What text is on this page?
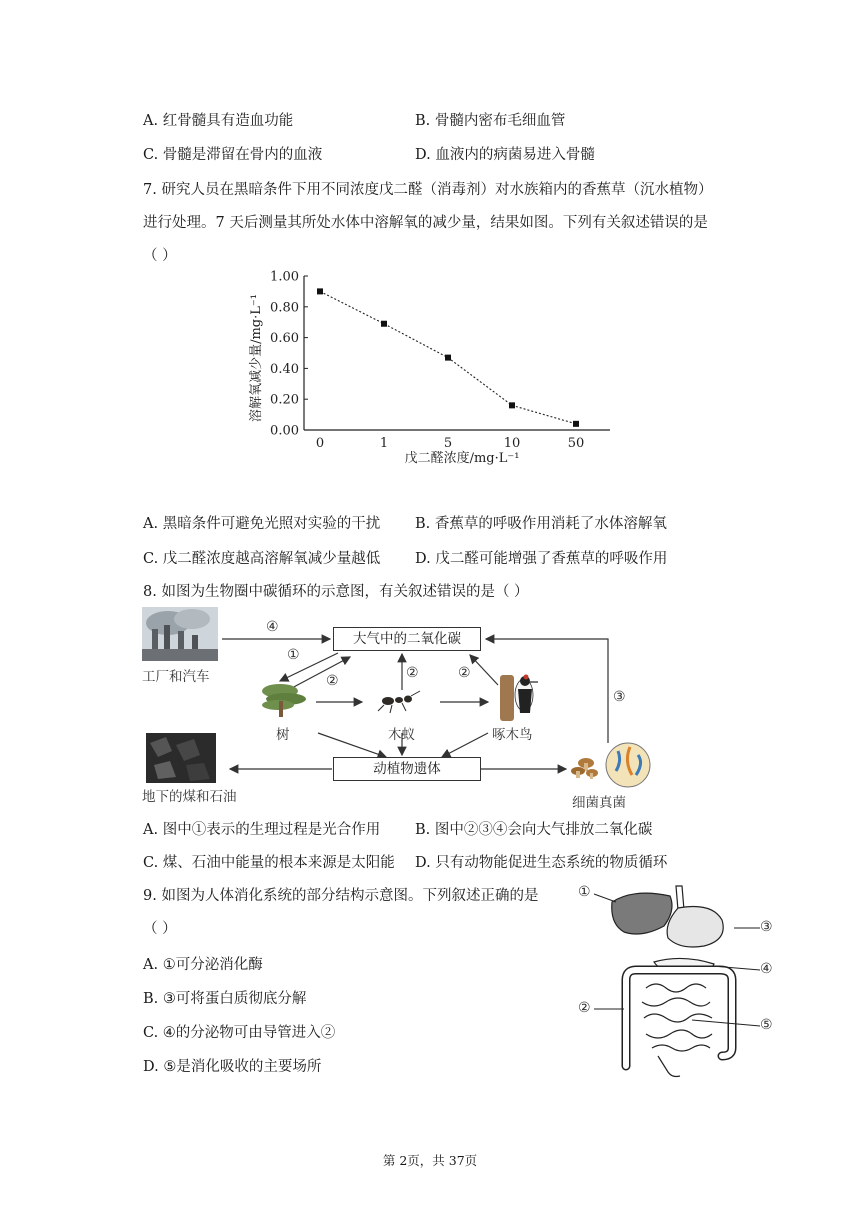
A. 红骨髓具有造血功能	B. 骨髓内密布毛细血管
C. 骨髓是滞留在骨内的血液	D. 血液内的病菌易进入骨髓
7. 研究人员在黑暗条件下用不同浓度戊二醛（消毒剂）对水族箱内的香蕉草（沉水植物）
进行处理。7 天后测量其所处水体中溶解氧的减少量，结果如图。下列有关叙述错误的是
（ ）
0.00
0.20
0.40
0.60
0.80
1.00
0	1	5	10	50
溶解氧减少量/mg·L⁻¹
戊二醛浓度/mg·L⁻¹
A. 黑暗条件可避免光照对实验的干扰 B. 香蕉草的呼吸作用消耗了水体溶解氧
C. 戊二醛浓度越高溶解氧减少量越低 D. 戊二醛可能增强了香蕉草的呼吸作用
8. 如图为生物圈中碳循环的示意图，有关叙述错误的是（ ）
大气中的二氧化碳
动植物遗体
工厂和汽车
地下的煤和石油
树	木蚁	啄木鸟
细菌真菌
④
①
②	②	②
③
A. 图中①表示的生理过程是光合作用 B. 图中②③④会向大气排放二氧化碳
C. 煤、石油中能量的根本来源是太阳能 D. 只有动物能促进生态系统的物质循环
9. 如图为人体消化系统的部分结构示意图。下列叙述正确的是
（ ）
A. ①可分泌消化酶
B. ③可将蛋白质彻底分解
C. ④的分泌物可由导管进入②
D. ⑤是消化吸收的主要场所
①
③
④
②
⑤
第 2页，共 37页
